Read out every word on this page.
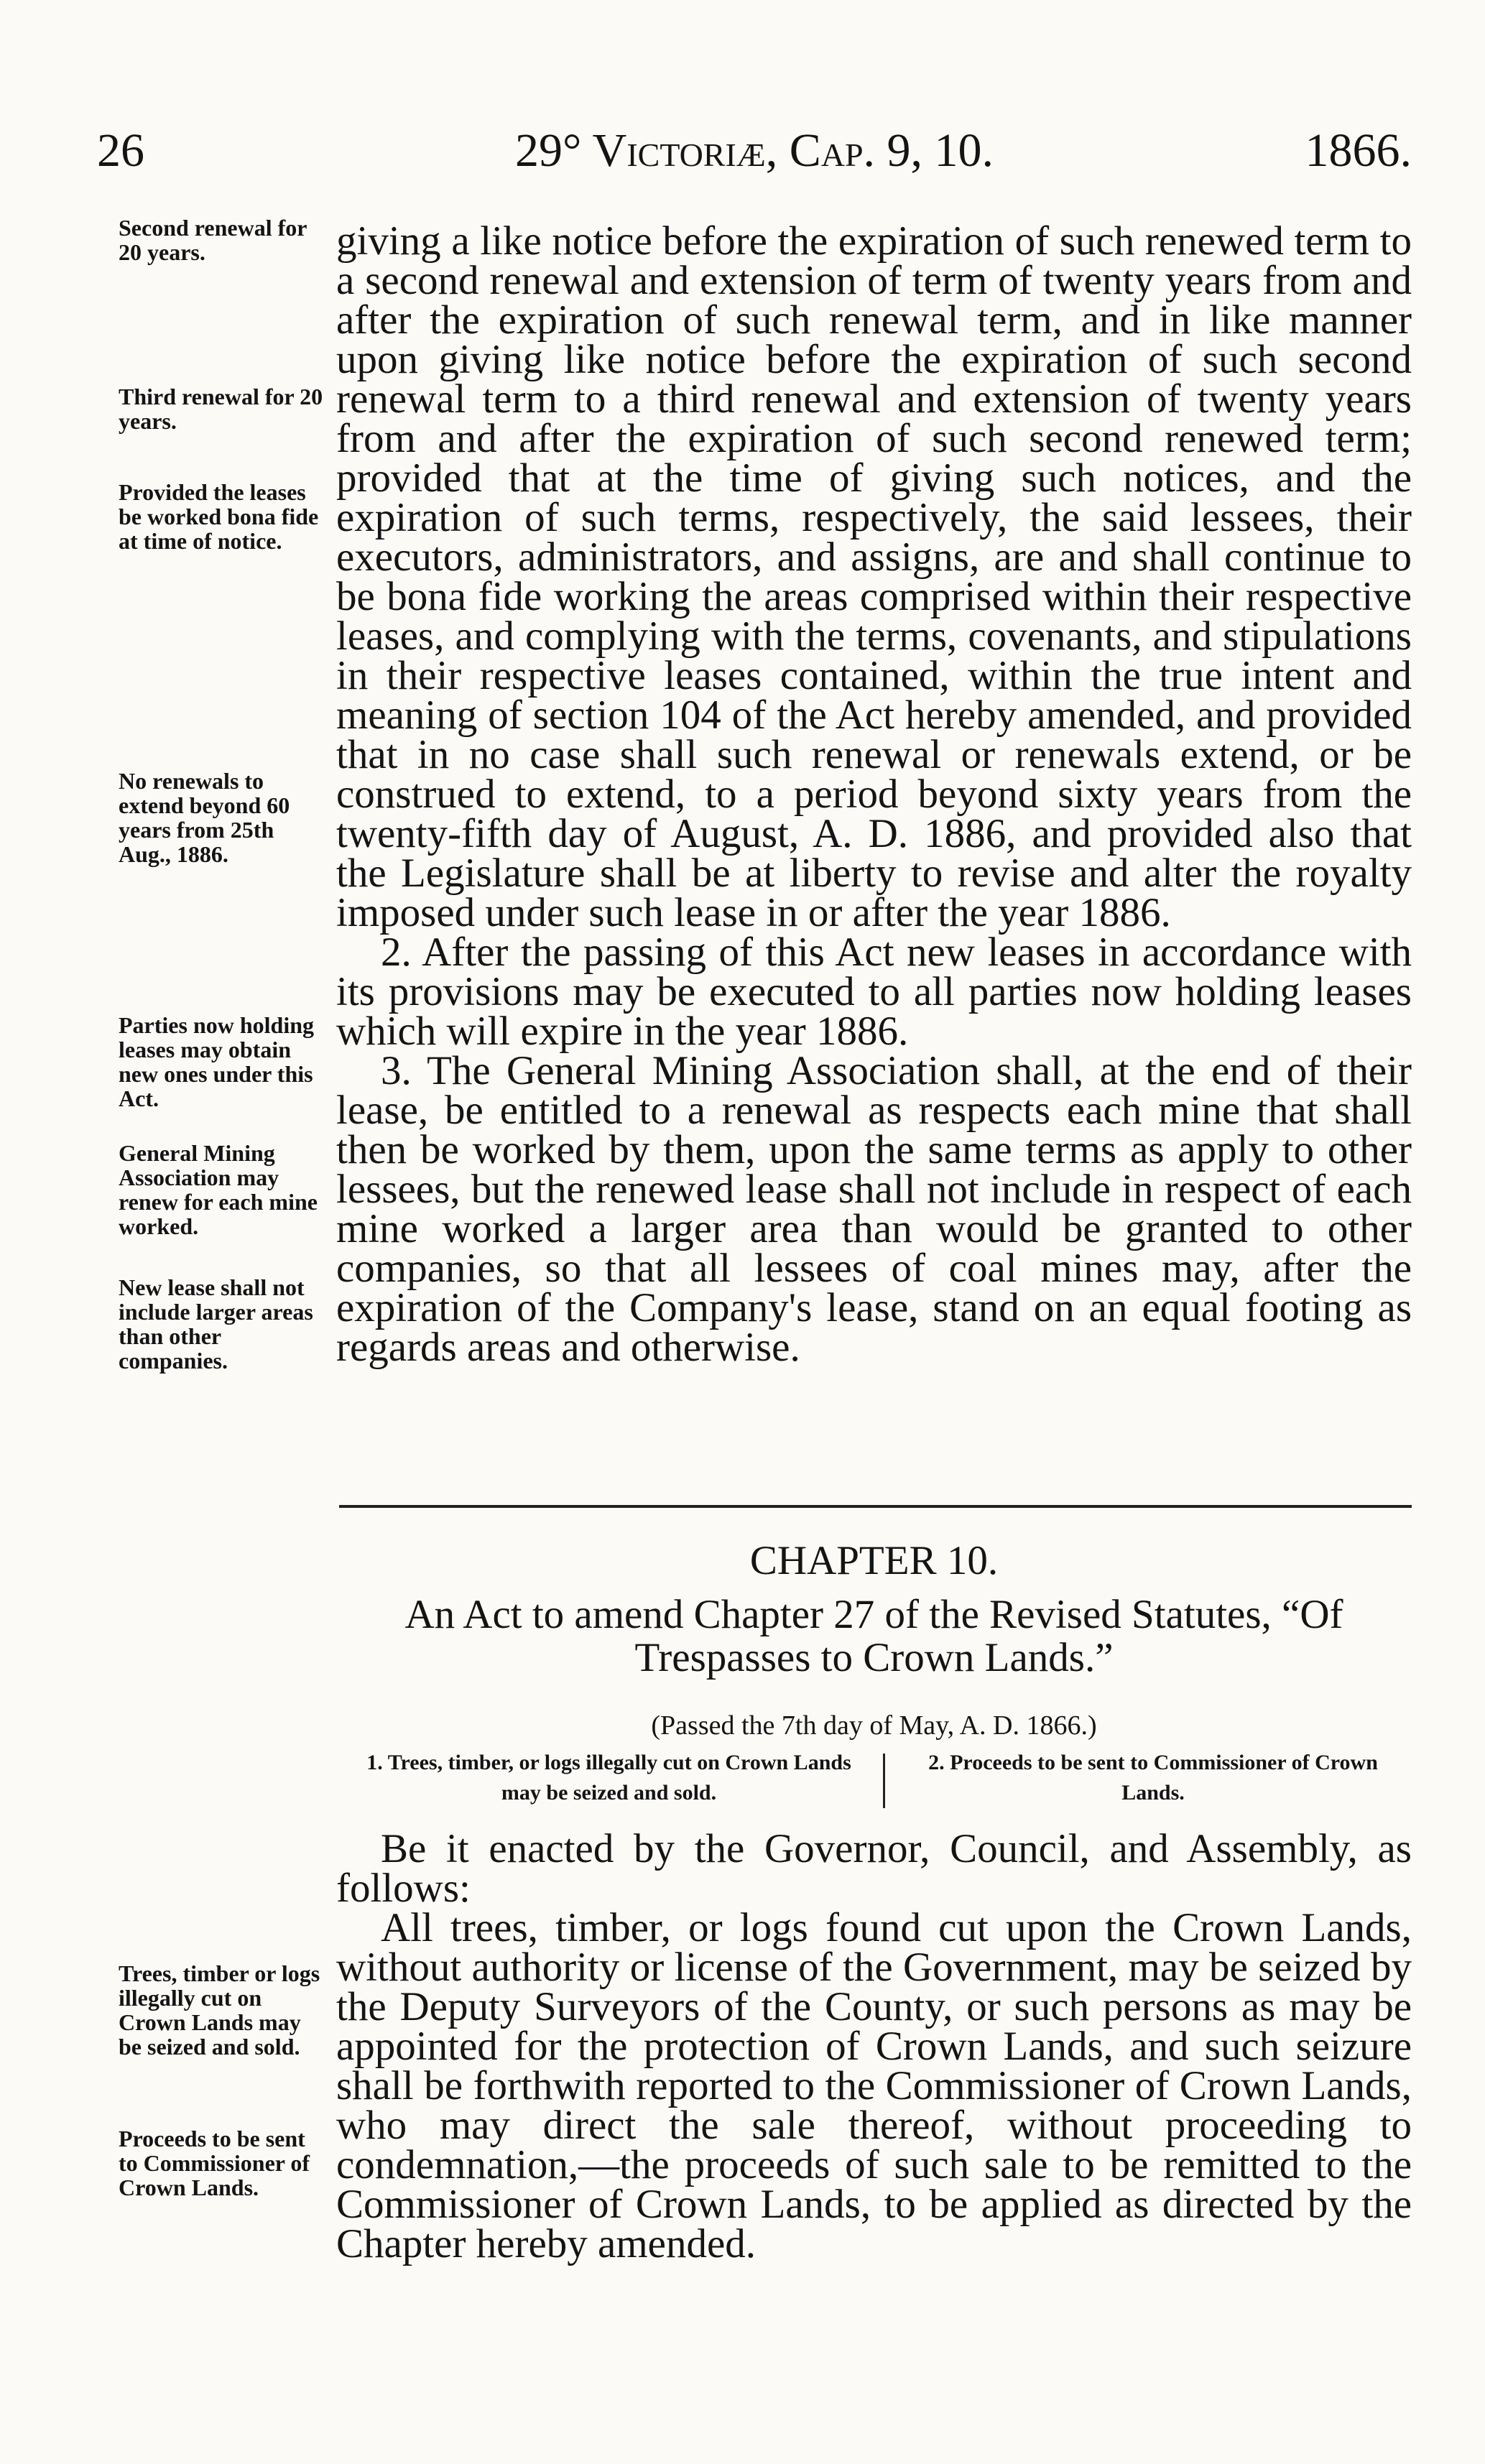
26	29° Victoriæ, Cap. 9, 10.	1866.
Second renewal for 20 years.
Third renewal for 20 years.
Provided the leases be worked bona fide at time of notice.
No renewals to extend beyond 60 years from 25th Aug., 1886.
Parties now holding leases may obtain new ones under this Act.
General Mining Association may renew for each mine worked.
New lease shall not include larger areas than other companies.
Trees, timber or logs illegally cut on Crown Lands may be seized and sold.
Proceeds to be sent to Commissioner of Crown Lands.

giving a like notice before the expiration of such renewed term to a second renewal and extension of term of twenty years from and after the expiration of such renewal term, and in like manner upon giving like notice before the expiration of such second renewal term to a third renewal and extension of twenty years from and after the expiration of such second renewed term; provided that at the time of giving such notices, and the expiration of such terms, respectively, the said lessees, their executors, administrators, and assigns, are and shall continue to be bona fide working the areas comprised within their respective leases, and complying with the terms, covenants, and stipulations in their respective leases contained, within the true intent and meaning of section 104 of the Act hereby amended, and provided that in no case shall such renewal or renewals extend, or be construed to extend, to a period beyond sixty years from the twenty-fifth day of August, A. D. 1886, and provided also that the Legislature shall be at liberty to revise and alter the royalty imposed under such lease in or after the year 1886.

2. After the passing of this Act new leases in accordance with its provisions may be executed to all parties now holding leases which will expire in the year 1886.

3. The General Mining Association shall, at the end of their lease, be entitled to a renewal as respects each mine that shall then be worked by them, upon the same terms as apply to other lessees, but the renewed lease shall not include in respect of each mine worked a larger area than would be granted to other companies, so that all lessees of coal mines may, after the expiration of the Company's lease, stand on an equal footing as regards areas and otherwise.

CHAPTER 10.
An Act to amend Chapter 27 of the Revised Statutes, “Of
Trespasses to Crown Lands.”
(Passed the 7th day of May, A. D. 1866.)
1. Trees, timber, or logs illegally cut on Crown Lands may be seized and sold.
2. Proceeds to be sent to Commissioner of Crown Lands.

Be it enacted by the Governor, Council, and Assembly, as follows:

All trees, timber, or logs found cut upon the Crown Lands, without authority or license of the Government, may be seized by the Deputy Surveyors of the County, or such persons as may be appointed for the protection of Crown Lands, and such seizure shall be forthwith reported to the Commissioner of Crown Lands, who may direct the sale thereof, without proceeding to condemnation,—the proceeds of such sale to be remitted to the Commissioner of Crown Lands, to be applied as directed by the Chapter hereby amended.
